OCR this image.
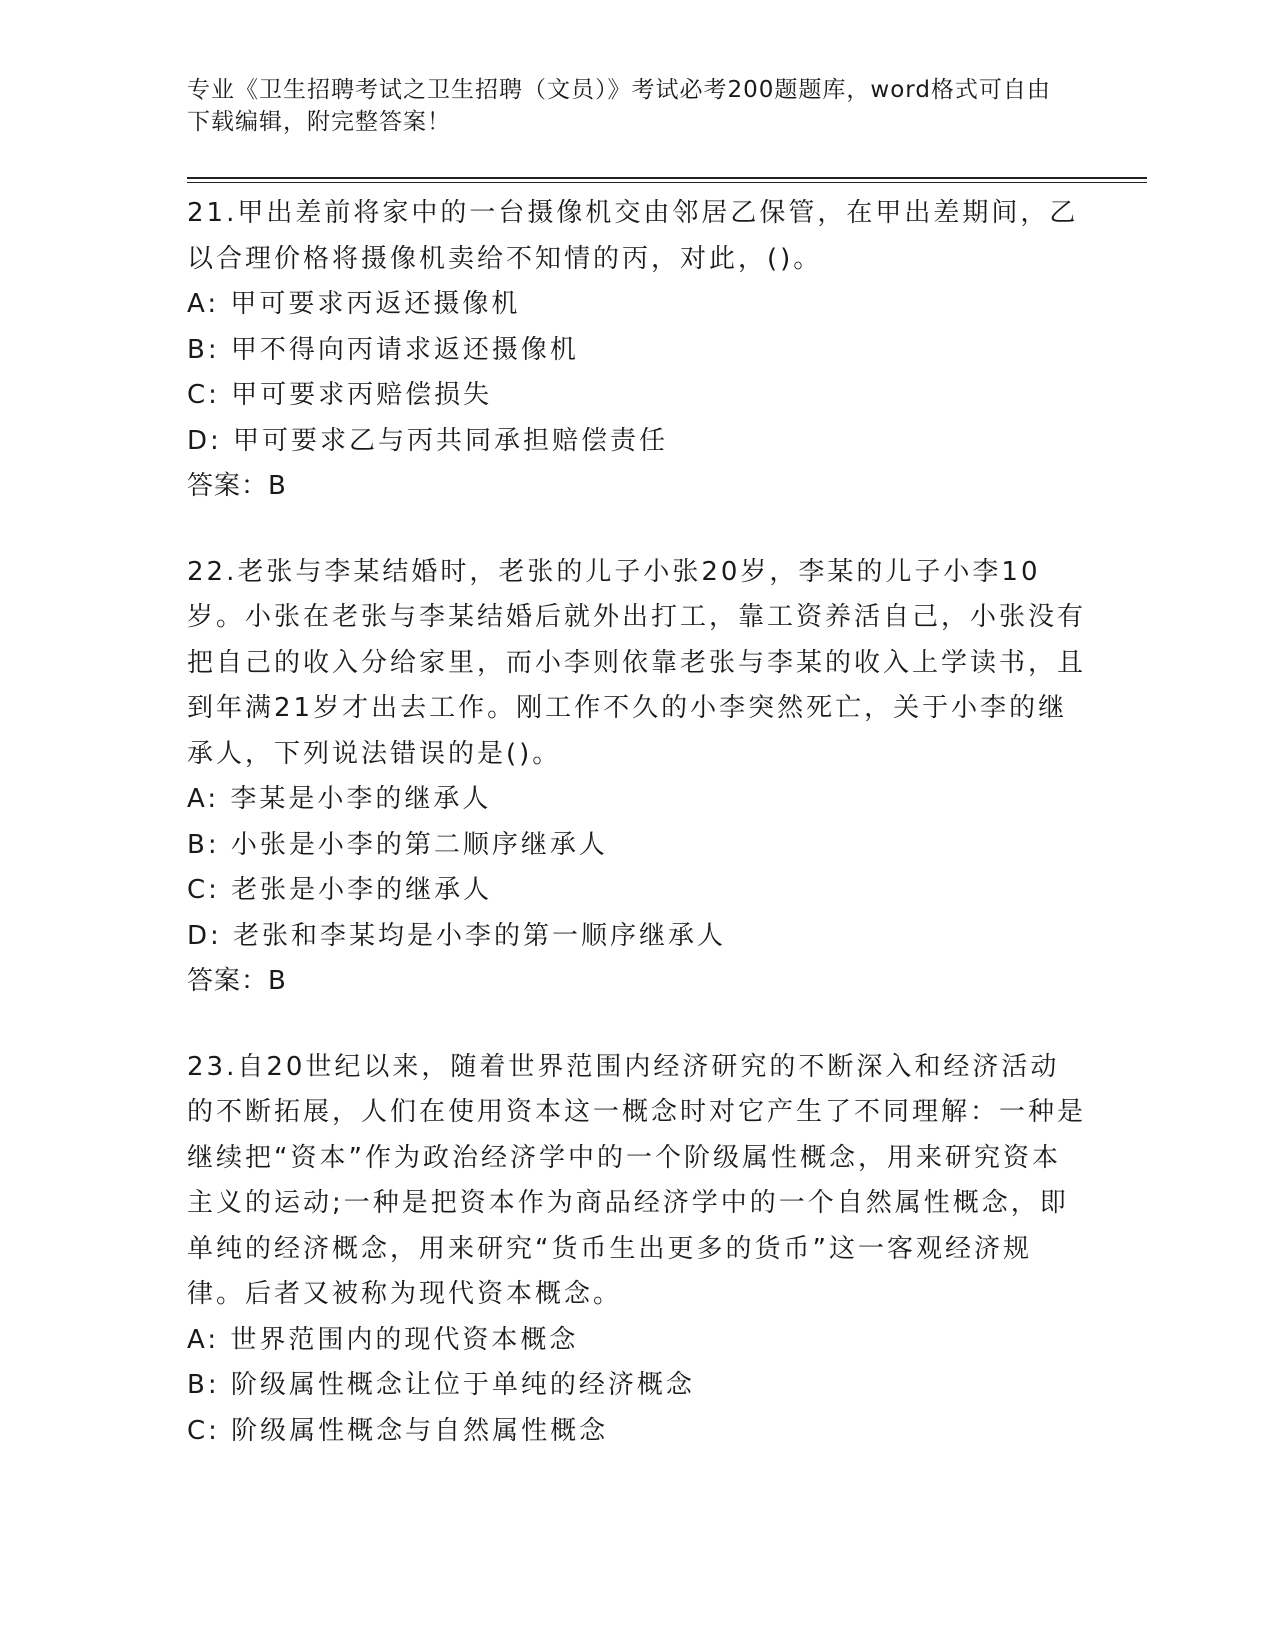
专业《卫生招聘考试之卫生招聘（文员）》考试必考200题题库，word格式可自由下载编辑，附完整答案！

21.甲出差前将家中的一台摄像机交由邻居乙保管，在甲出差期间，乙以合理价格将摄像机卖给不知情的丙，对此，()。

A: 甲可要求丙返还摄像机

B: 甲不得向丙请求返还摄像机

C: 甲可要求丙赔偿损失

D: 甲可要求乙与丙共同承担赔偿责任

答案：B

22.老张与李某结婚时，老张的儿子小张20岁，李某的儿子小李10岁。小张在老张与李某结婚后就外出打工，靠工资养活自己，小张没有把自己的收入分给家里，而小李则依靠老张与李某的收入上学读书，且到年满21岁才出去工作。刚工作不久的小李突然死亡，关于小李的继承人，下列说法错误的是()。

A: 李某是小李的继承人

B: 小张是小李的第二顺序继承人

C: 老张是小李的继承人

D: 老张和李某均是小李的第一顺序继承人

答案：B

23.自20世纪以来，随着世界范围内经济研究的不断深入和经济活动的不断拓展，人们在使用资本这一概念时对它产生了不同理解：一种是继续把“资本”作为政治经济学中的一个阶级属性概念，用来研究资本主义的运动;一种是把资本作为商品经济学中的一个自然属性概念，即单纯的经济概念，用来研究“货币生出更多的货币”这一客观经济规律。后者又被称为现代资本概念。

A: 世界范围内的现代资本概念

B: 阶级属性概念让位于单纯的经济概念

C: 阶级属性概念与自然属性概念
